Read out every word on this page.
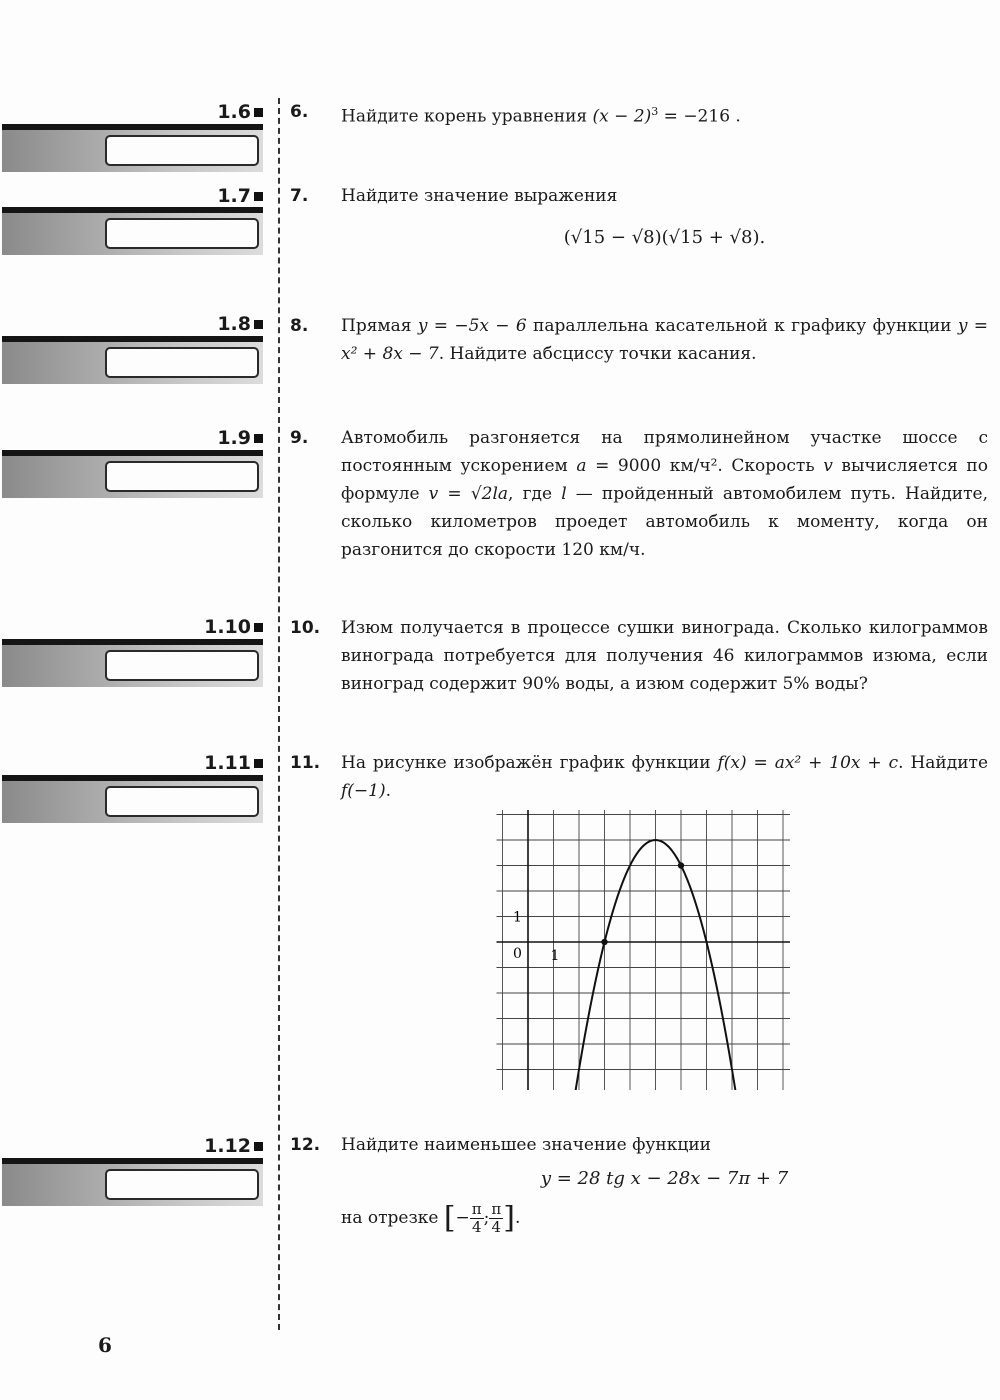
1.6	6. Найдите корень уравнения $(x - 2)^3 = -216$ .
1.7	7. Найдите значение выражения
(√15 − √8)(√15 + √8).
1.8	8. Прямая y = −5x − 6 параллельна касательной к графику функции y = x² + 8x − 7. Найдите абсциссу точки касания.
1.9	9. Автомобиль разгоняется на прямолинейном участке шоссе с постоянным ускорением a = 9000 км/ч². Скорость v вычисляется по формуле v = √2la, где l — пройденный автомобилем путь. Найдите, сколько километров проедет автомобиль к моменту, когда он разгонится до скорости 120 км/ч.
1.10	10. Изюм получается в процессе сушки винограда. Сколько килограммов винограда потребуется для получения 46 килограммов изюма, если виноград содержит 90% воды, а изюм содержит 5% воды?
1.11	11. На рисунке изображён график функции f(x) = ax² + 10x + c. Найдите f(−1).
0 1
1
1.12	12. Найдите наименьшее значение функции
y = 28 tg x − 28x − 7π + 7
на отрезке [− $\frac{\pi}{4}$ ; $\frac{\pi}{4}$ ].
6
